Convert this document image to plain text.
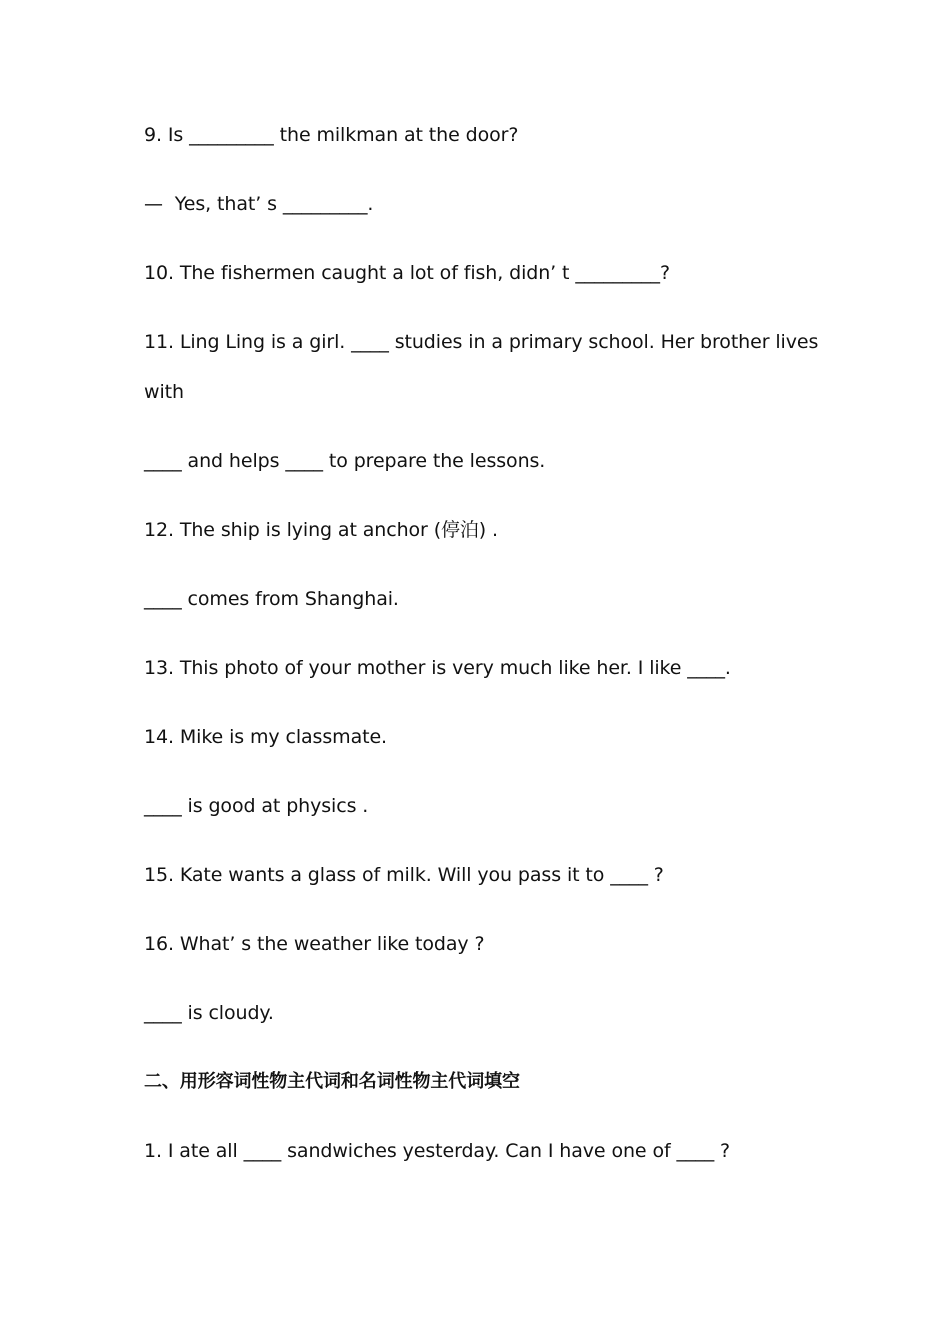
9. Is _________ the milkman at the door?
—  Yes, that’ s _________.
10. The fishermen caught a lot of fish, didn’ t _________?
11. Ling Ling is a girl. ____ studies in a primary school. Her brother lives
with
____ and helps ____ to prepare the lessons.
12. The ship is lying at anchor (停泊) .
____ comes from Shanghai.
13. This photo of your mother is very much like her. I like ____.
14. Mike is my classmate.
____ is good at physics .
15. Kate wants a glass of milk. Will you pass it to ____ ?
16. What’ s the weather like today ?
____ is cloudy.
二、用形容词性物主代词和名词性物主代词填空
1. I ate all ____ sandwiches yesterday. Can I have one of ____ ?
